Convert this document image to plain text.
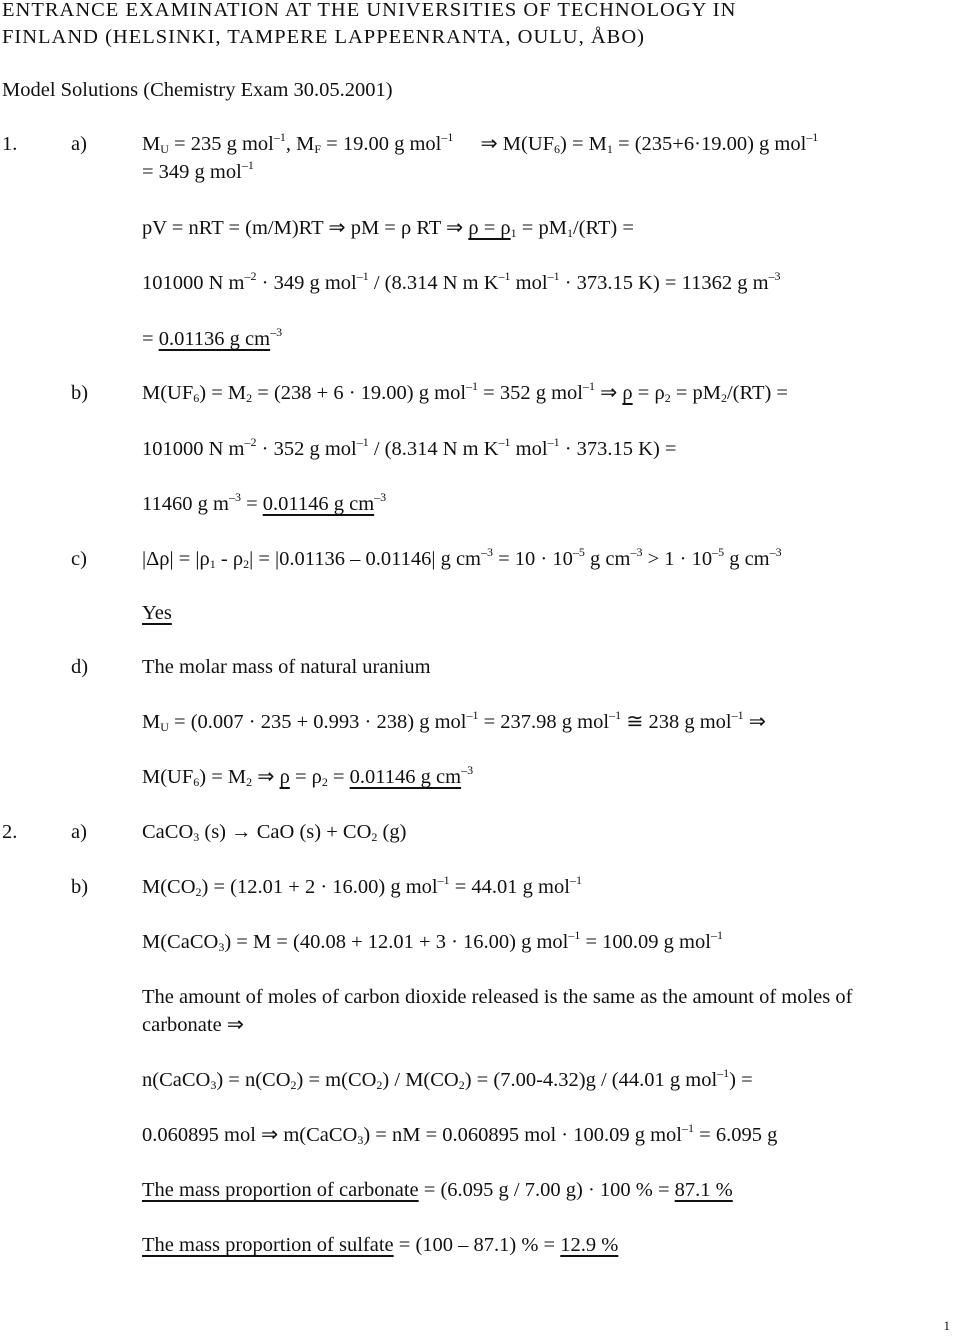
ENTRANCE EXAMINATION AT THE UNIVERSITIES OF TECHNOLOGY IN
FINLAND (HELSINKI, TAMPERE LAPPEENRANTA, OULU, ÅBO)
Model Solutions (Chemistry Exam 30.05.2001)
1.	a)	$M_U = 235$ g mol$^{-1}$, $M_F = 19.00$ g mol$^{-1}$ ⇒ $M(UF_6) = M_1 = (235+6\cdot 19.00)$ g mol$^{-1}$
= 349 g mol$^{-1}$
pV = nRT = (m/M)RT ⇒ pM = ρ RT ⇒ $\rho = \rho_1 = pM_1/(RT)$ =
101000 N $m^{-2} \cdot 349$ g mol$^{-1}$ / (8.314 N m $K^{-1}$ mol$^{-1}$ · 373.15 K) = 11362 g $m^{-3}$
= 0.01136 g $cm^{-3}$
b)	$M(UF_6) = M_2 = (238 + 6 \cdot 19.00)$ g mol$^{-1}$ = 352 g mol$^{-1}$ ⇒ $\rho = \rho_2 = pM_2/(RT)$ =
101000 N $m^{-2} \cdot 352$ g mol$^{-1}$ / (8.314 N m $K^{-1}$ mol$^{-1}$ · 373.15 K) =
11460 g $m^{-3} = 0.01146$ g $cm^{-3}$
c)	$|\Delta\rho| = |\rho_1 - \rho_2| = |0.01136 - 0.01146|$ g $cm^{-3} = 10 \cdot 10^{-5}$ g $cm^{-3} > 1 \cdot 10^{-5}$ g $cm^{-3}$
Yes
d)	The molar mass of natural uranium
$M_U = (0.007 \cdot 235 + 0.993 \cdot 238)$ g mol$^{-1}$ = 237.98 g mol$^{-1}$ ≅ 238 g mol$^{-1}$ ⇒
$M(UF_6) = M_2$ ⇒ $\rho = \rho_2 = 0.01146$ g $cm^{-3}$
2.	a)	CaCO$_3$ (s) → CaO $(s) + CO_2$ (g)
b)	$M(CO_2) = (12.01 + 2 \cdot 16.00)$ g mol$^{-1}$ = 44.01 g mol$^{-1}$
M(CaCO$_3$) = M = (40.08 + 12.01 + 3 · 16.00) g mol$^{-1}$ = 100.09 g mol$^{-1}$
The amount of moles of carbon dioxide released is the same as the amount of moles of
carbonate ⇒
n(CaCO$_3$) = $n(CO_2) = m(CO_2) / M(CO_2) = (7.00-4.32)g / (44.01$ g mol$^{-1}$) =
0.060895 mol ⇒ m(CaCO$_3$) = nM = 0.060895 mol · 100.09 g mol$^{-1}$ = 6.095 g
The mass proportion of carbonate = (6.095 g / 7.00 g) · 100 % = 87.1 %
The mass proportion of sulfate = (100 – 87.1) % = 12.9 %
1
